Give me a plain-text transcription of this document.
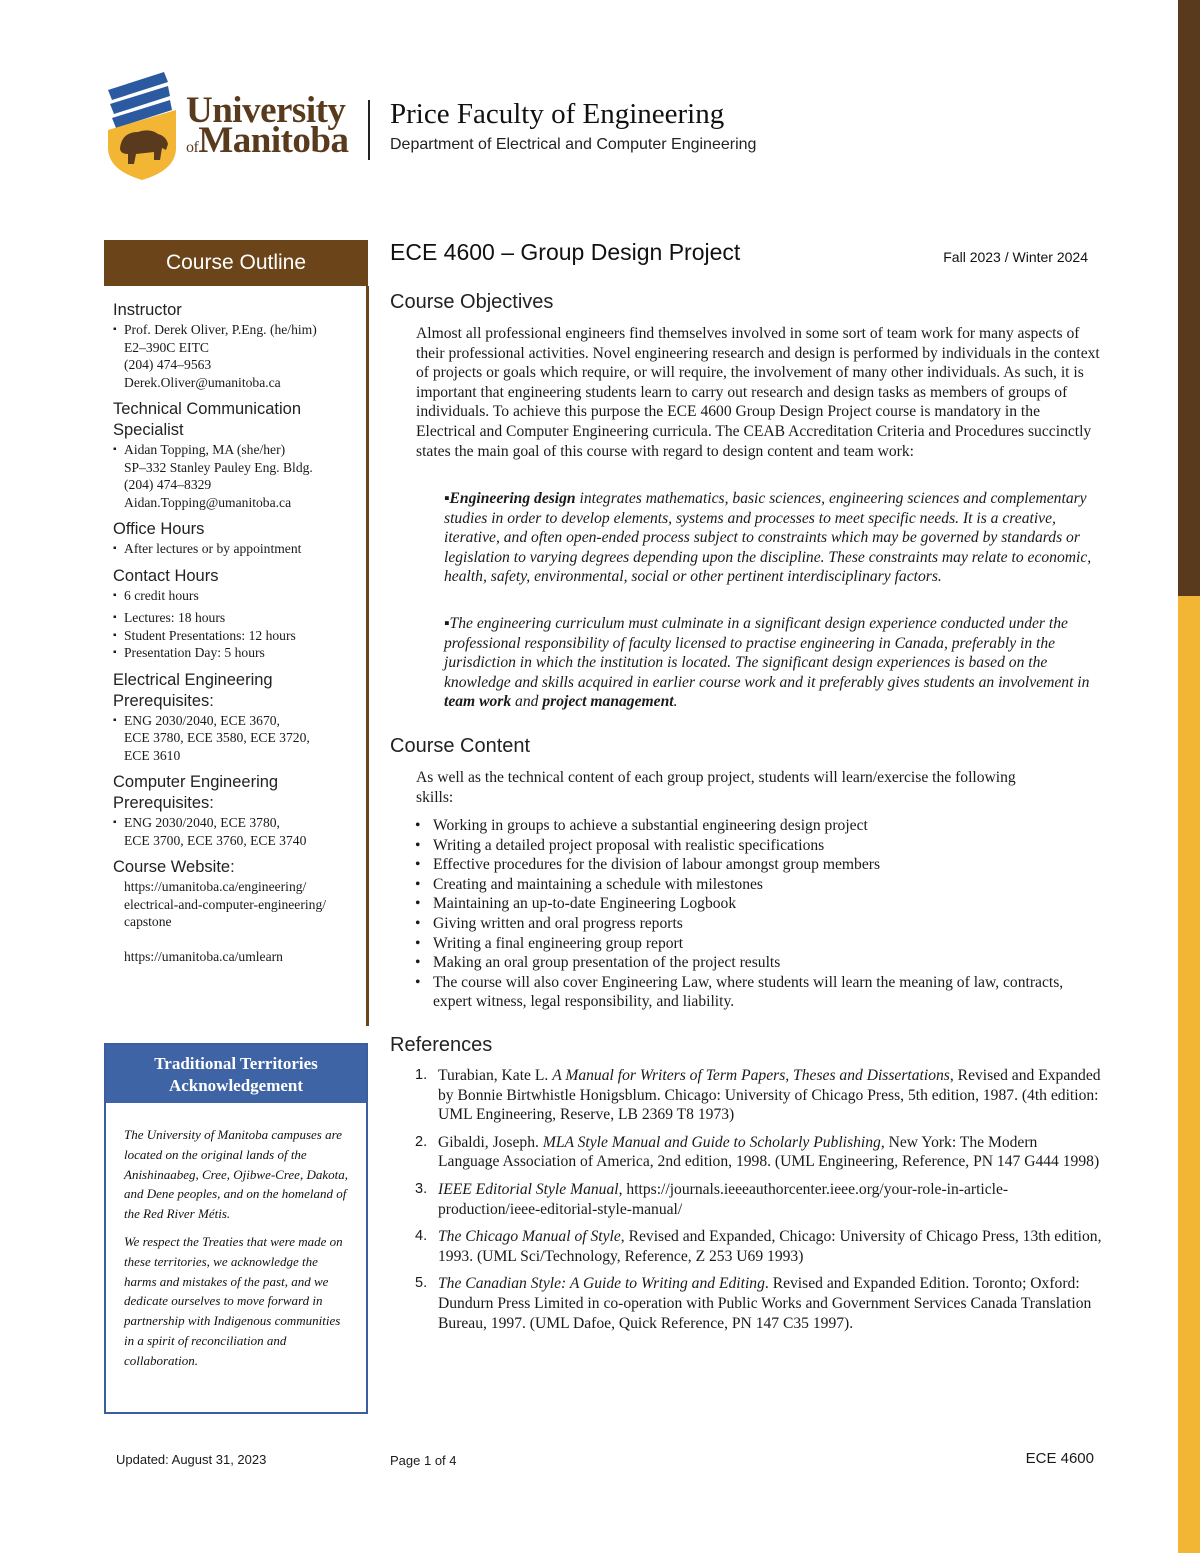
University
ofManitoba
Price Faculty of Engineering
Department of Electrical and Computer Engineering
Course Outline

Instructor

▪ Prof. Derek Oliver, P.Eng. (he/him)
E2–390C EITC
(204) 474–9563
Derek.Oliver@umanitoba.ca

Technical Communication

Specialist

▪ Aidan Topping, MA (she/her)
SP–332 Stanley Pauley Eng. Bldg.
(204) 474–8329
Aidan.Topping@umanitoba.ca

Office Hours

▪ After lectures or by appointment

Contact Hours

▪ 6 credit hours
▪ Lectures: 18 hours
▪ Student Presentations: 12 hours
▪ Presentation Day: 5 hours

Electrical Engineering

Prerequisites:

▪ ENG 2030/2040, ECE 3670,
ECE 3780, ECE 3580, ECE 3720,
ECE 3610

Computer Engineering

Prerequisites:

▪ ENG 2030/2040, ECE 3780,
ECE 3700, ECE 3760, ECE 3740

Course Website:

https://umanitoba.ca/engineering/
electrical-and-computer-engineering/
capstone
https://umanitoba.ca/umlearn
Traditional Territories
Acknowledgement

The University of Manitoba campuses are located on the original lands of the Anishinaabeg, Cree, Ojibwe-Cree, Dakota, and Dene peoples, and on the homeland of the Red River Métis.

We respect the Treaties that were made on these territories, we acknowledge the harms and mistakes of the past, and we dedicate ourselves to move forward in partnership with Indigenous communities in a spirit of reconciliation and collaboration.

ECE 4600 – Group Design Project	Fall 2023 / Winter 2024
Course Objectives
Almost all professional engineers find themselves involved in some sort of team work for many aspects of their professional activities. Novel engineering research and design is performed by individuals in the context of projects or goals which require, or will require, the involvement of many other individuals. As such, it is important that engineering students learn to carry out research and design tasks as members of groups of individuals. To achieve this purpose the ECE 4600 Group Design Project course is mandatory in the Electrical and Computer Engineering curricula. The CEAB Accreditation Criteria and Procedures succinctly states the main goal of this course with regard to design content and team work:
▪Engineering design integrates mathematics, basic sciences, engineering sciences and complementary studies in order to develop elements, systems and processes to meet specific needs. It is a creative, iterative, and often open-ended process subject to constraints which may be governed by standards or legislation to varying degrees depending upon the discipline. These constraints may relate to economic, health, safety, environmental, social or other pertinent interdisciplinary factors.
▪The engineering curriculum must culminate in a significant design experience conducted under the professional responsibility of faculty licensed to practise engineering in Canada, preferably in the jurisdiction in which the institution is located. The significant design experiences is based on the knowledge and skills acquired in earlier course work and it preferably gives students an involvement in team work and project management.
Course Content
As well as the technical content of each group project, students will learn/exercise the following skills:
• Working in groups to achieve a substantial engineering design project
• Writing a detailed project proposal with realistic specifications
• Effective procedures for the division of labour amongst group members
• Creating and maintaining a schedule with milestones
• Maintaining an up-to-date Engineering Logbook
• Giving written and oral progress reports
• Writing a final engineering group report
• Making an oral group presentation of the project results
• The course will also cover Engineering Law, where students will learn the meaning of law, contracts, expert witness, legal responsibility, and liability.
References
1. Turabian, Kate L. A Manual for Writers of Term Papers, Theses and Dissertations, Revised and Expanded by Bonnie Birtwhistle Honigsblum. Chicago: University of Chicago Press, 5th edition, 1987. (4th edition: UML Engineering, Reserve, LB 2369 T8 1973)
2. Gibaldi, Joseph. MLA Style Manual and Guide to Scholarly Publishing, New York: The Modern Language Association of America, 2nd edition, 1998. (UML Engineering, Reference, PN 147 G444 1998)
3. IEEE Editorial Style Manual, https://journals.ieeeauthorcenter.ieee.org/your-role-in-article-production/ieee-editorial-style-manual/
4. The Chicago Manual of Style, Revised and Expanded, Chicago: University of Chicago Press, 13th edition, 1993. (UML Sci/Technology, Reference, Z 253 U69 1993)
5. The Canadian Style: A Guide to Writing and Editing. Revised and Expanded Edition. Toronto; Oxford: Dundurn Press Limited in co-operation with Public Works and Government Services Canada Translation Bureau, 1997. (UML Dafoe, Quick Reference, PN 147 C35 1997).
Updated: August 31, 2023	Page 1 of 4	ECE 4600
